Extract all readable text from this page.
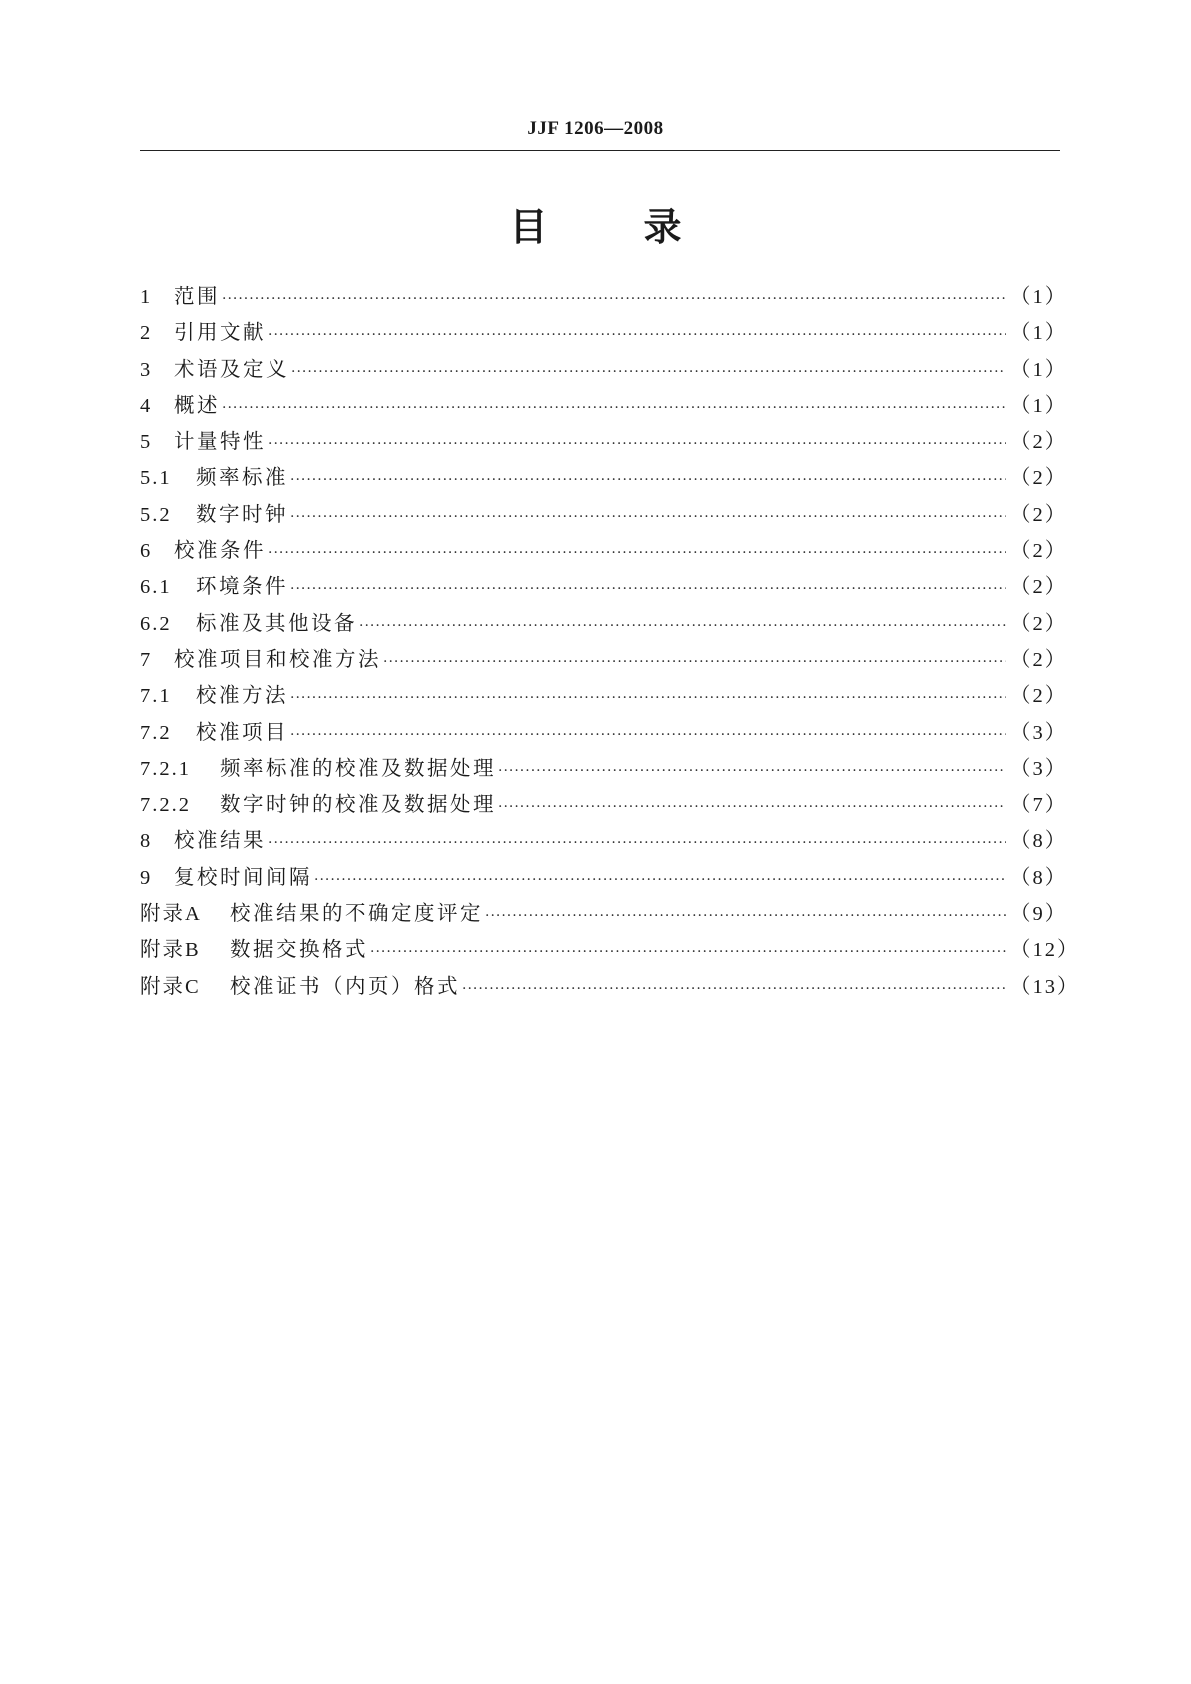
JJF 1206—2008
目	录
1	范围 ·····	（1）
2	引用文献 ·····	（1）
3	术语及定义 ·····	（1）
4	概述 ·····	（1）
5	计量特性 ·····	（2）
5.1	频率标准 ·····	（2）
5.2	数字时钟 ·····	（2）
6	校准条件 ·····	（2）
6.1	环境条件 ·····	（2）
6.2	标准及其他设备 ·····	（2）
7	校准项目和校准方法 ·····	（2）
7.1	校准方法 ·····	（2）
7.2	校准项目 ·····	（3）
7.2.1	频率标准的校准及数据处理 ·····	（3）
7.2.2	数字时钟的校准及数据处理 ·····	（7）
8	校准结果 ·····	（8）
9	复校时间间隔 ·····	（8）
附录A	校准结果的不确定度评定 ·····	（9）
附录B	数据交换格式 ·····	（12）
附录C	校准证书（内页）格式 ·····	（13）
